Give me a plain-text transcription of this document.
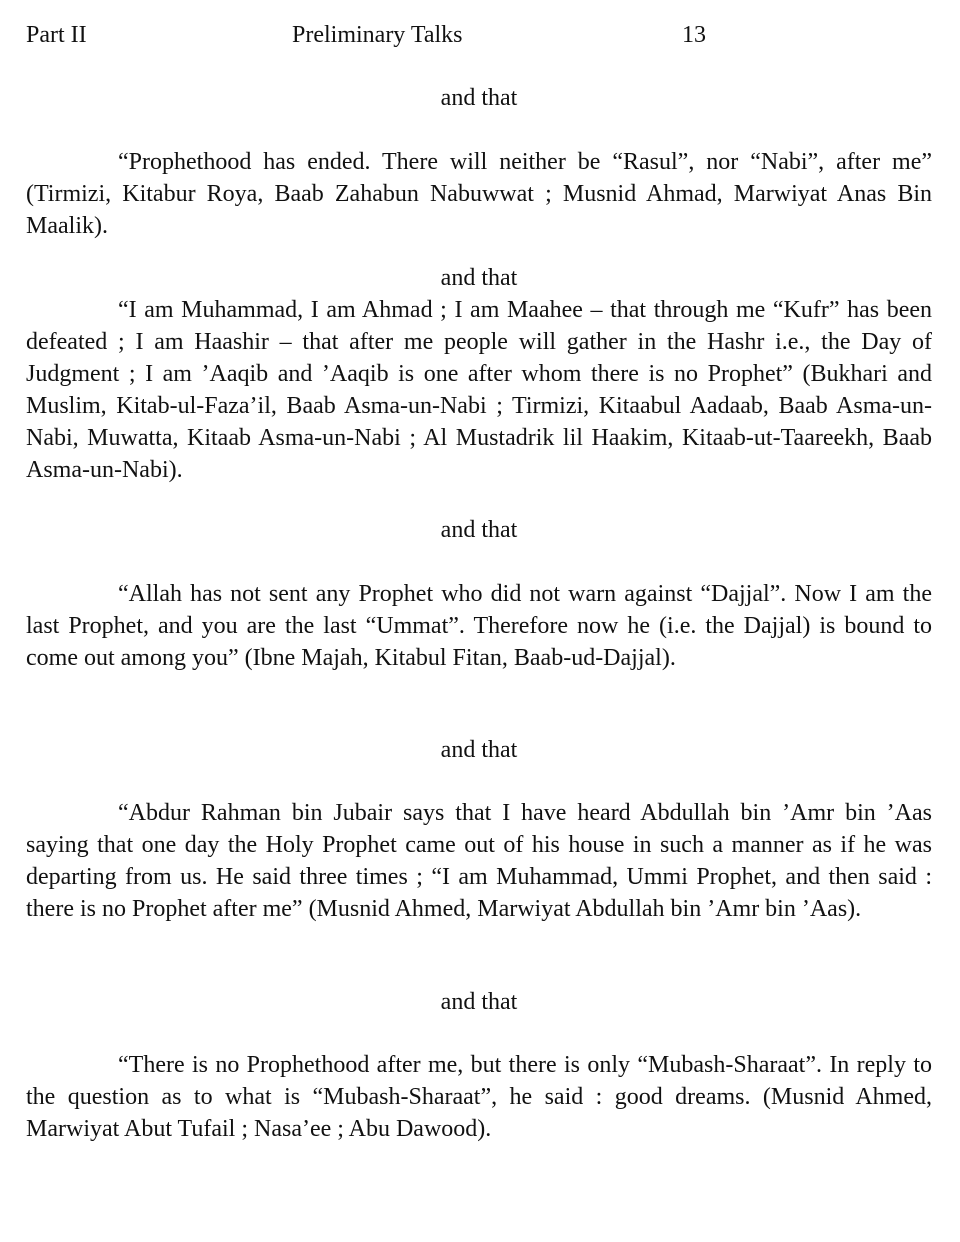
Part II	Preliminary Talks	13

and that

“Prophethood has ended. There will neither be “Rasul”, nor “Nabi”, after me” (Tirmizi, Kitabur Roya, Baab Zahabun Nabuwwat ; Musnid Ahmad, Marwiyat Anas Bin Maalik).

and that

“I am Muhammad, I am Ahmad ; I am Maahee – that through me “Kufr” has been defeated ; I am Haashir – that after me people will gather in the Hashr i.e., the Day of Judgment ; I am ’Aaqib and ’Aaqib is one after whom there is no Prophet” (Bukhari and Muslim, Kitab-ul-Faza’il, Baab Asma-un-Nabi ; Tirmizi, Kitaabul Aadaab, Baab Asma-un-Nabi, Muwatta, Kitaab Asma-un-Nabi ; Al Mustadrik lil Haakim, Kitaab-ut-Taareekh, Baab Asma-un-Nabi).

and that

“Allah has not sent any Prophet who did not warn against “Dajjal”. Now I am the last Prophet, and you are the last “Ummat”. Therefore now he (i.e. the Dajjal) is bound to come out among you” (Ibne Majah, Kitabul Fitan, Baab-ud-Dajjal).

and that

“Abdur Rahman bin Jubair says that I have heard Abdullah bin ’Amr bin ’Aas saying that one day the Holy Prophet came out of his house in such a manner as if he was departing from us. He said three times ; “I am Muhammad, Ummi Prophet, and then said : there is no Prophet after me” (Musnid Ahmed, Marwiyat Abdullah bin ’Amr bin ’Aas).

and that

“There is no Prophethood after me, but there is only “Mubash-Sharaat”. In reply to the question as to what is “Mubash-Sharaat”, he said : good dreams. (Musnid Ahmed, Marwiyat Abut Tufail ; Nasa’ee ; Abu Dawood).
